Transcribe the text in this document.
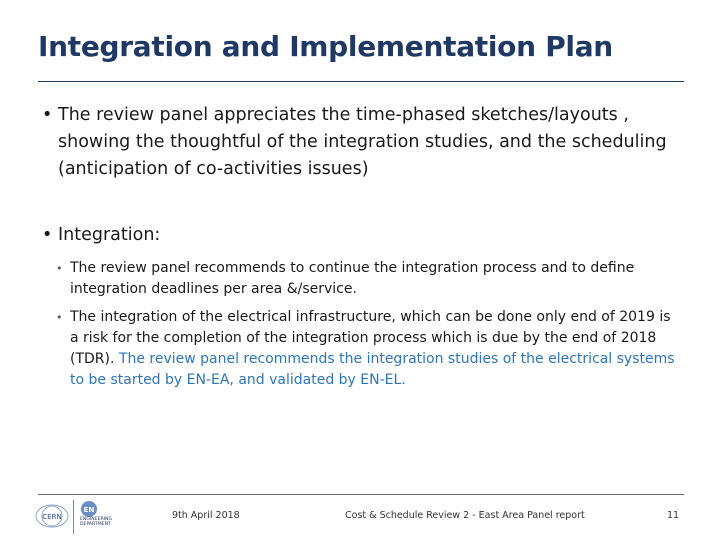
Integration and Implementation Plan
• The review panel appreciates the time-phased sketches/layouts , showing the thoughtful of the integration studies, and the scheduling (anticipation of co-activities issues)
• Integration:
• The review panel recommends to continue the integration process and to define integration deadlines per area &/service.
• The integration of the electrical infrastructure, which can be done only end of 2019 is a risk for the completion of the integration process which is due by the end of 2018 (TDR). The review panel recommends the integration studies of the electrical systems to be started by EN-EA, and validated by EN-EL.
CERN
EN
ENGINEERING DEPARTMENT
9th April 2018	Cost & Schedule Review 2 - East Area Panel report	11
